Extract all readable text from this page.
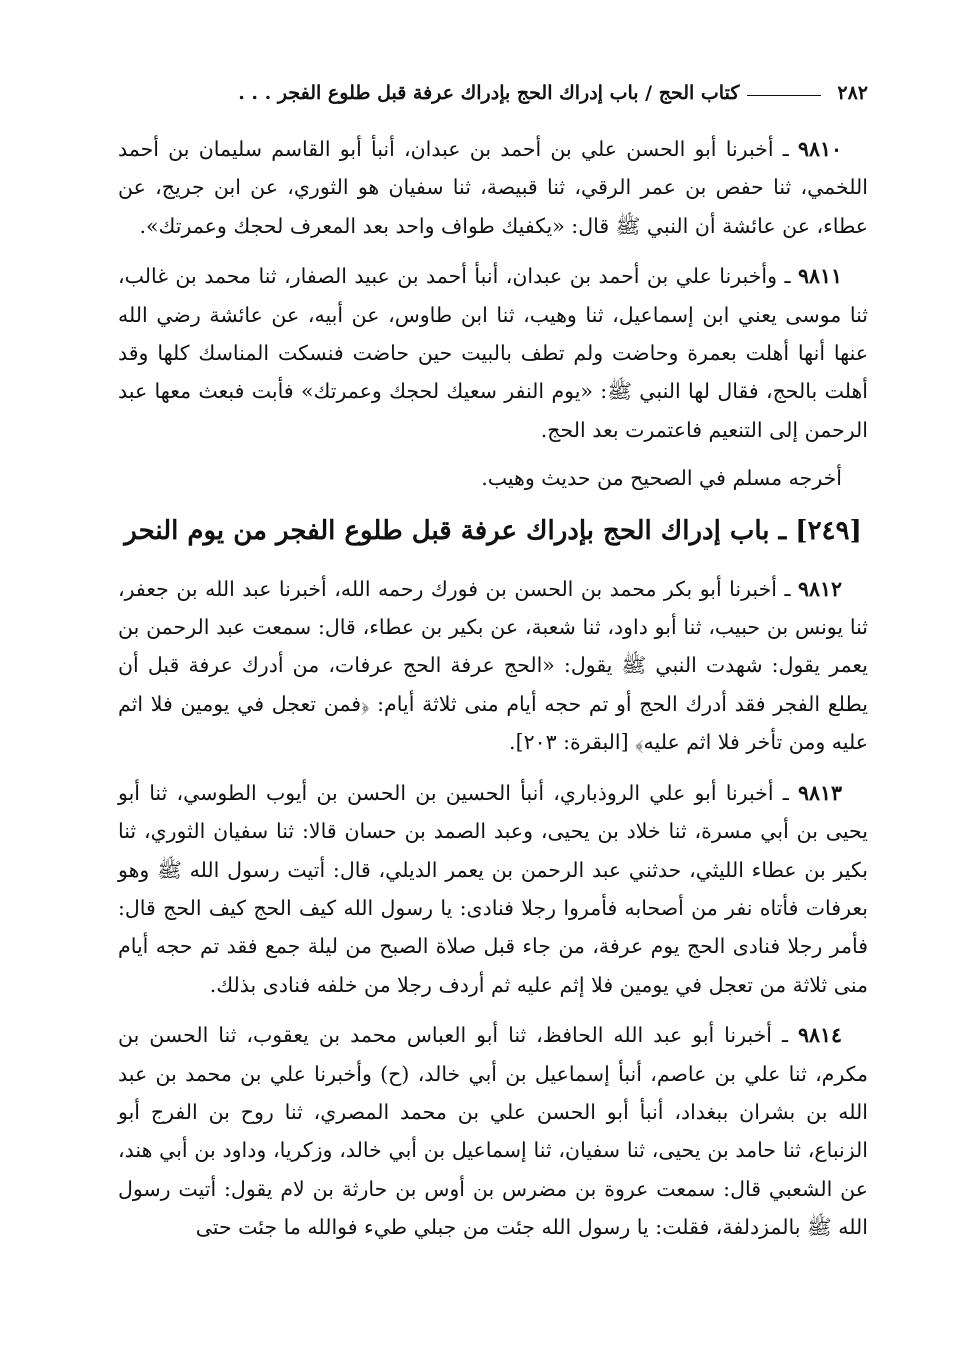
٢٨٢
كتاب الحج / باب إدراك الحج بإدراك عرفة قبل طلوع الفجر . . .

٩٨١٠ ـ أخبرنا أبو الحسن علي بن أحمد بن عبدان، أنبأ أبو القاسم سليمان بن أحمد اللخمي، ثنا حفص بن عمر الرقي، ثنا قبيصة، ثنا سفيان هو الثوري، عن ابن جريج، عن عطاء، عن عائشة أن النبي ﷺ قال: «يكفيك طواف واحد بعد المعرف لحجك وعمرتك».

٩٨١١ ـ وأخبرنا علي بن أحمد بن عبدان، أنبأ أحمد بن عبيد الصفار، ثنا محمد بن غالب، ثنا موسى يعني ابن إسماعيل، ثنا وهيب، ثنا ابن طاوس، عن أبيه، عن عائشة رضي الله عنها أنها أهلت بعمرة وحاضت ولم تطف بالبيت حين حاضت فنسكت المناسك كلها وقد أهلت بالحج، فقال لها النبي ﷺ: «يوم النفر سعيك لحجك وعمرتك» فأبت فبعث معها عبد الرحمن إلى التنعيم فاعتمرت بعد الحج.

أخرجه مسلم في الصحيح من حديث وهيب.

[٢٤٩] ـ باب إدراك الحج بإدراك عرفة قبل طلوع الفجر من يوم النحر

٩٨١٢ ـ أخبرنا أبو بكر محمد بن الحسن بن فورك رحمه الله، أخبرنا عبد الله بن جعفر، ثنا يونس بن حبيب، ثنا أبو داود، ثنا شعبة، عن بكير بن عطاء، قال: سمعت عبد الرحمن بن يعمر يقول: شهدت النبي ﷺ يقول: «الحج عرفة الحج عرفات، من أدرك عرفة قبل أن يطلع الفجر فقد أدرك الحج أو تم حجه أيام منى ثلاثة أيام: ﴿فمن تعجل في يومين فلا اثم عليه ومن تأخر فلا اثم عليه﴾ [البقرة: ٢٠٣].

٩٨١٣ ـ أخبرنا أبو علي الروذباري، أنبأ الحسين بن الحسن بن أيوب الطوسي، ثنا أبو يحيى بن أبي مسرة، ثنا خلاد بن يحيى، وعبد الصمد بن حسان قالا: ثنا سفيان الثوري، ثنا بكير بن عطاء الليثي، حدثني عبد الرحمن بن يعمر الديلي، قال: أتيت رسول الله ﷺ وهو بعرفات فأتاه نفر من أصحابه فأمروا رجلا فنادى: يا رسول الله كيف الحج كيف الحج قال: فأمر رجلا فنادى الحج يوم عرفة، من جاء قبل صلاة الصبح من ليلة جمع فقد تم حجه أيام منى ثلاثة من تعجل في يومين فلا إثم عليه ثم أردف رجلا من خلفه فنادى بذلك.

٩٨١٤ ـ أخبرنا أبو عبد الله الحافظ، ثنا أبو العباس محمد بن يعقوب، ثنا الحسن بن مكرم، ثنا علي بن عاصم، أنبأ إسماعيل بن أبي خالد، (ح) وأخبرنا علي بن محمد بن عبد الله بن بشران ببغداد، أنبأ أبو الحسن علي بن محمد المصري، ثنا روح بن الفرج أبو الزنباع، ثنا حامد بن يحيى، ثنا سفيان، ثنا إسماعيل بن أبي خالد، وزكريا، وداود بن أبي هند، عن الشعبي قال: سمعت عروة بن مضرس بن أوس بن حارثة بن لام يقول: أتيت رسول الله ﷺ بالمزدلفة، فقلت: يا رسول الله جئت من جبلي طيء فوالله ما جئت حتى
